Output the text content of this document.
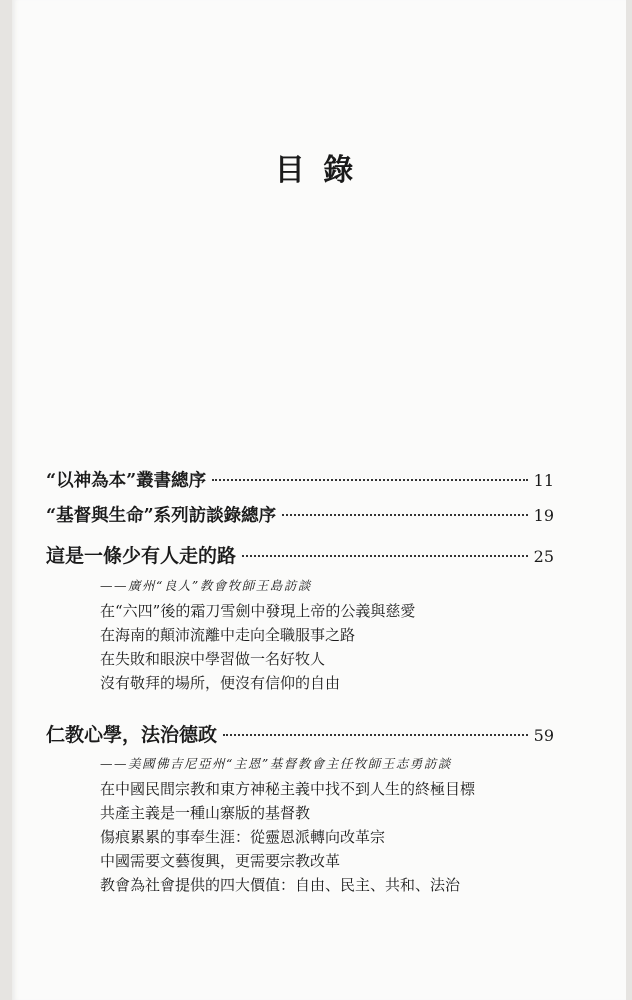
目 錄
“以神為本”叢書總序	11
“基督與生命”系列訪談錄總序	19
這是一條少有人走的路	25
——廣州“良人”教會牧師王島訪談
在“六四”後的霜刀雪劍中發現上帝的公義與慈愛
在海南的顛沛流離中走向全職服事之路
在失敗和眼淚中學習做一名好牧人
沒有敬拜的場所，便沒有信仰的自由
仁教心學，法治德政	59
——美國佛吉尼亞州“主恩”基督教會主任牧師王志勇訪談
在中國民間宗教和東方神秘主義中找不到人生的終極目標
共產主義是一種山寨版的基督教
傷痕累累的事奉生涯：從靈恩派轉向改革宗
中國需要文藝復興，更需要宗教改革
教會為社會提供的四大價值：自由、民主、共和、法治
